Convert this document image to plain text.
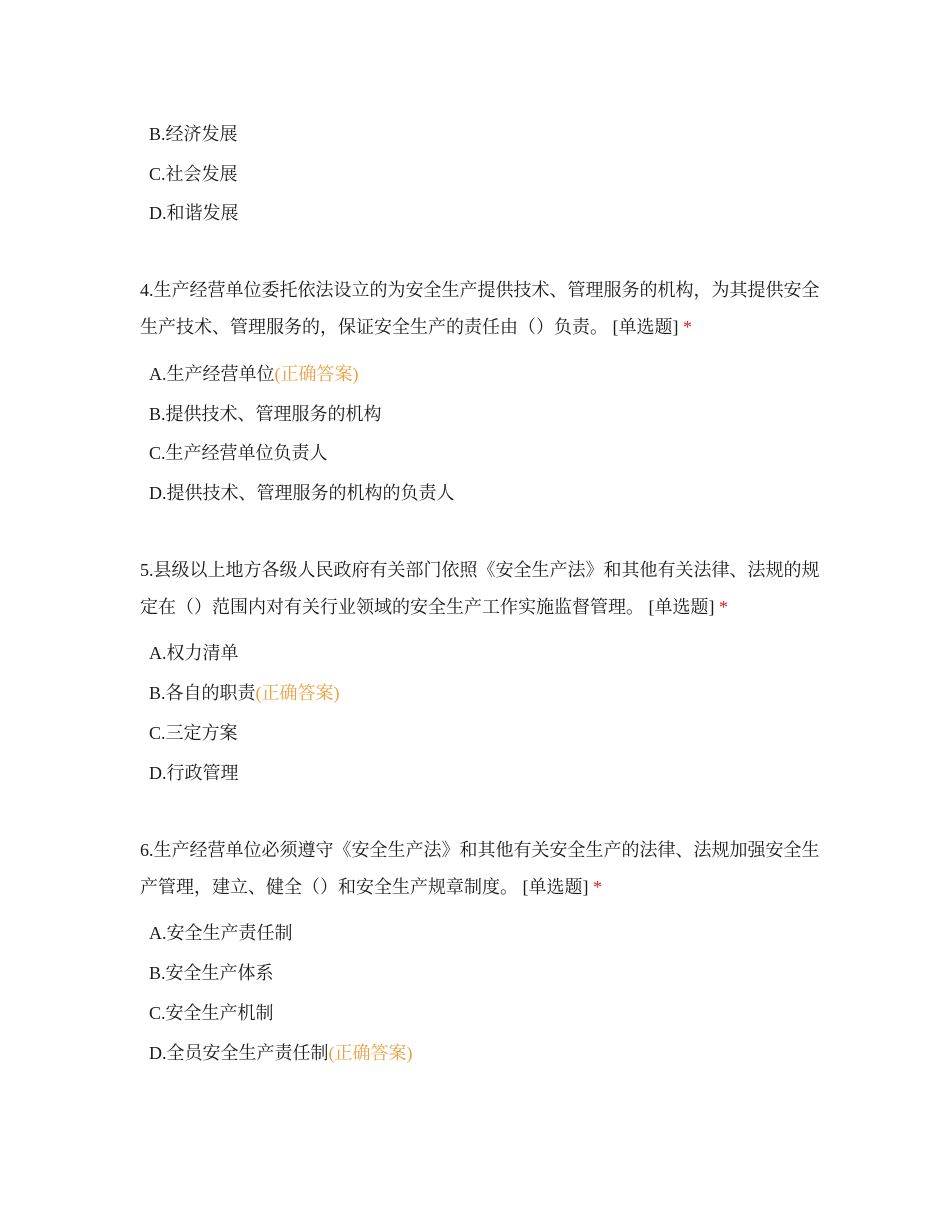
B.经济发展
C.社会发展
D.和谐发展
4.生产经营单位委托依法设立的为安全生产提供技术、管理服务的机构，为其提供安全生产技术、管理服务的，保证安全生产的责任由（）负责。 [单选题] *
A.生产经营单位(正确答案)
B.提供技术、管理服务的机构
C.生产经营单位负责人
D.提供技术、管理服务的机构的负责人
5.县级以上地方各级人民政府有关部门依照《安全生产法》和其他有关法律、法规的规定在（）范围内对有关行业领域的安全生产工作实施监督管理。 [单选题] *
A.权力清单
B.各自的职责(正确答案)
C.三定方案
D.行政管理
6.生产经营单位必须遵守《安全生产法》和其他有关安全生产的法律、法规加强安全生产管理，建立、健全（）和安全生产规章制度。 [单选题] *
A.安全生产责任制
B.安全生产体系
C.安全生产机制
D.全员安全生产责任制(正确答案)
